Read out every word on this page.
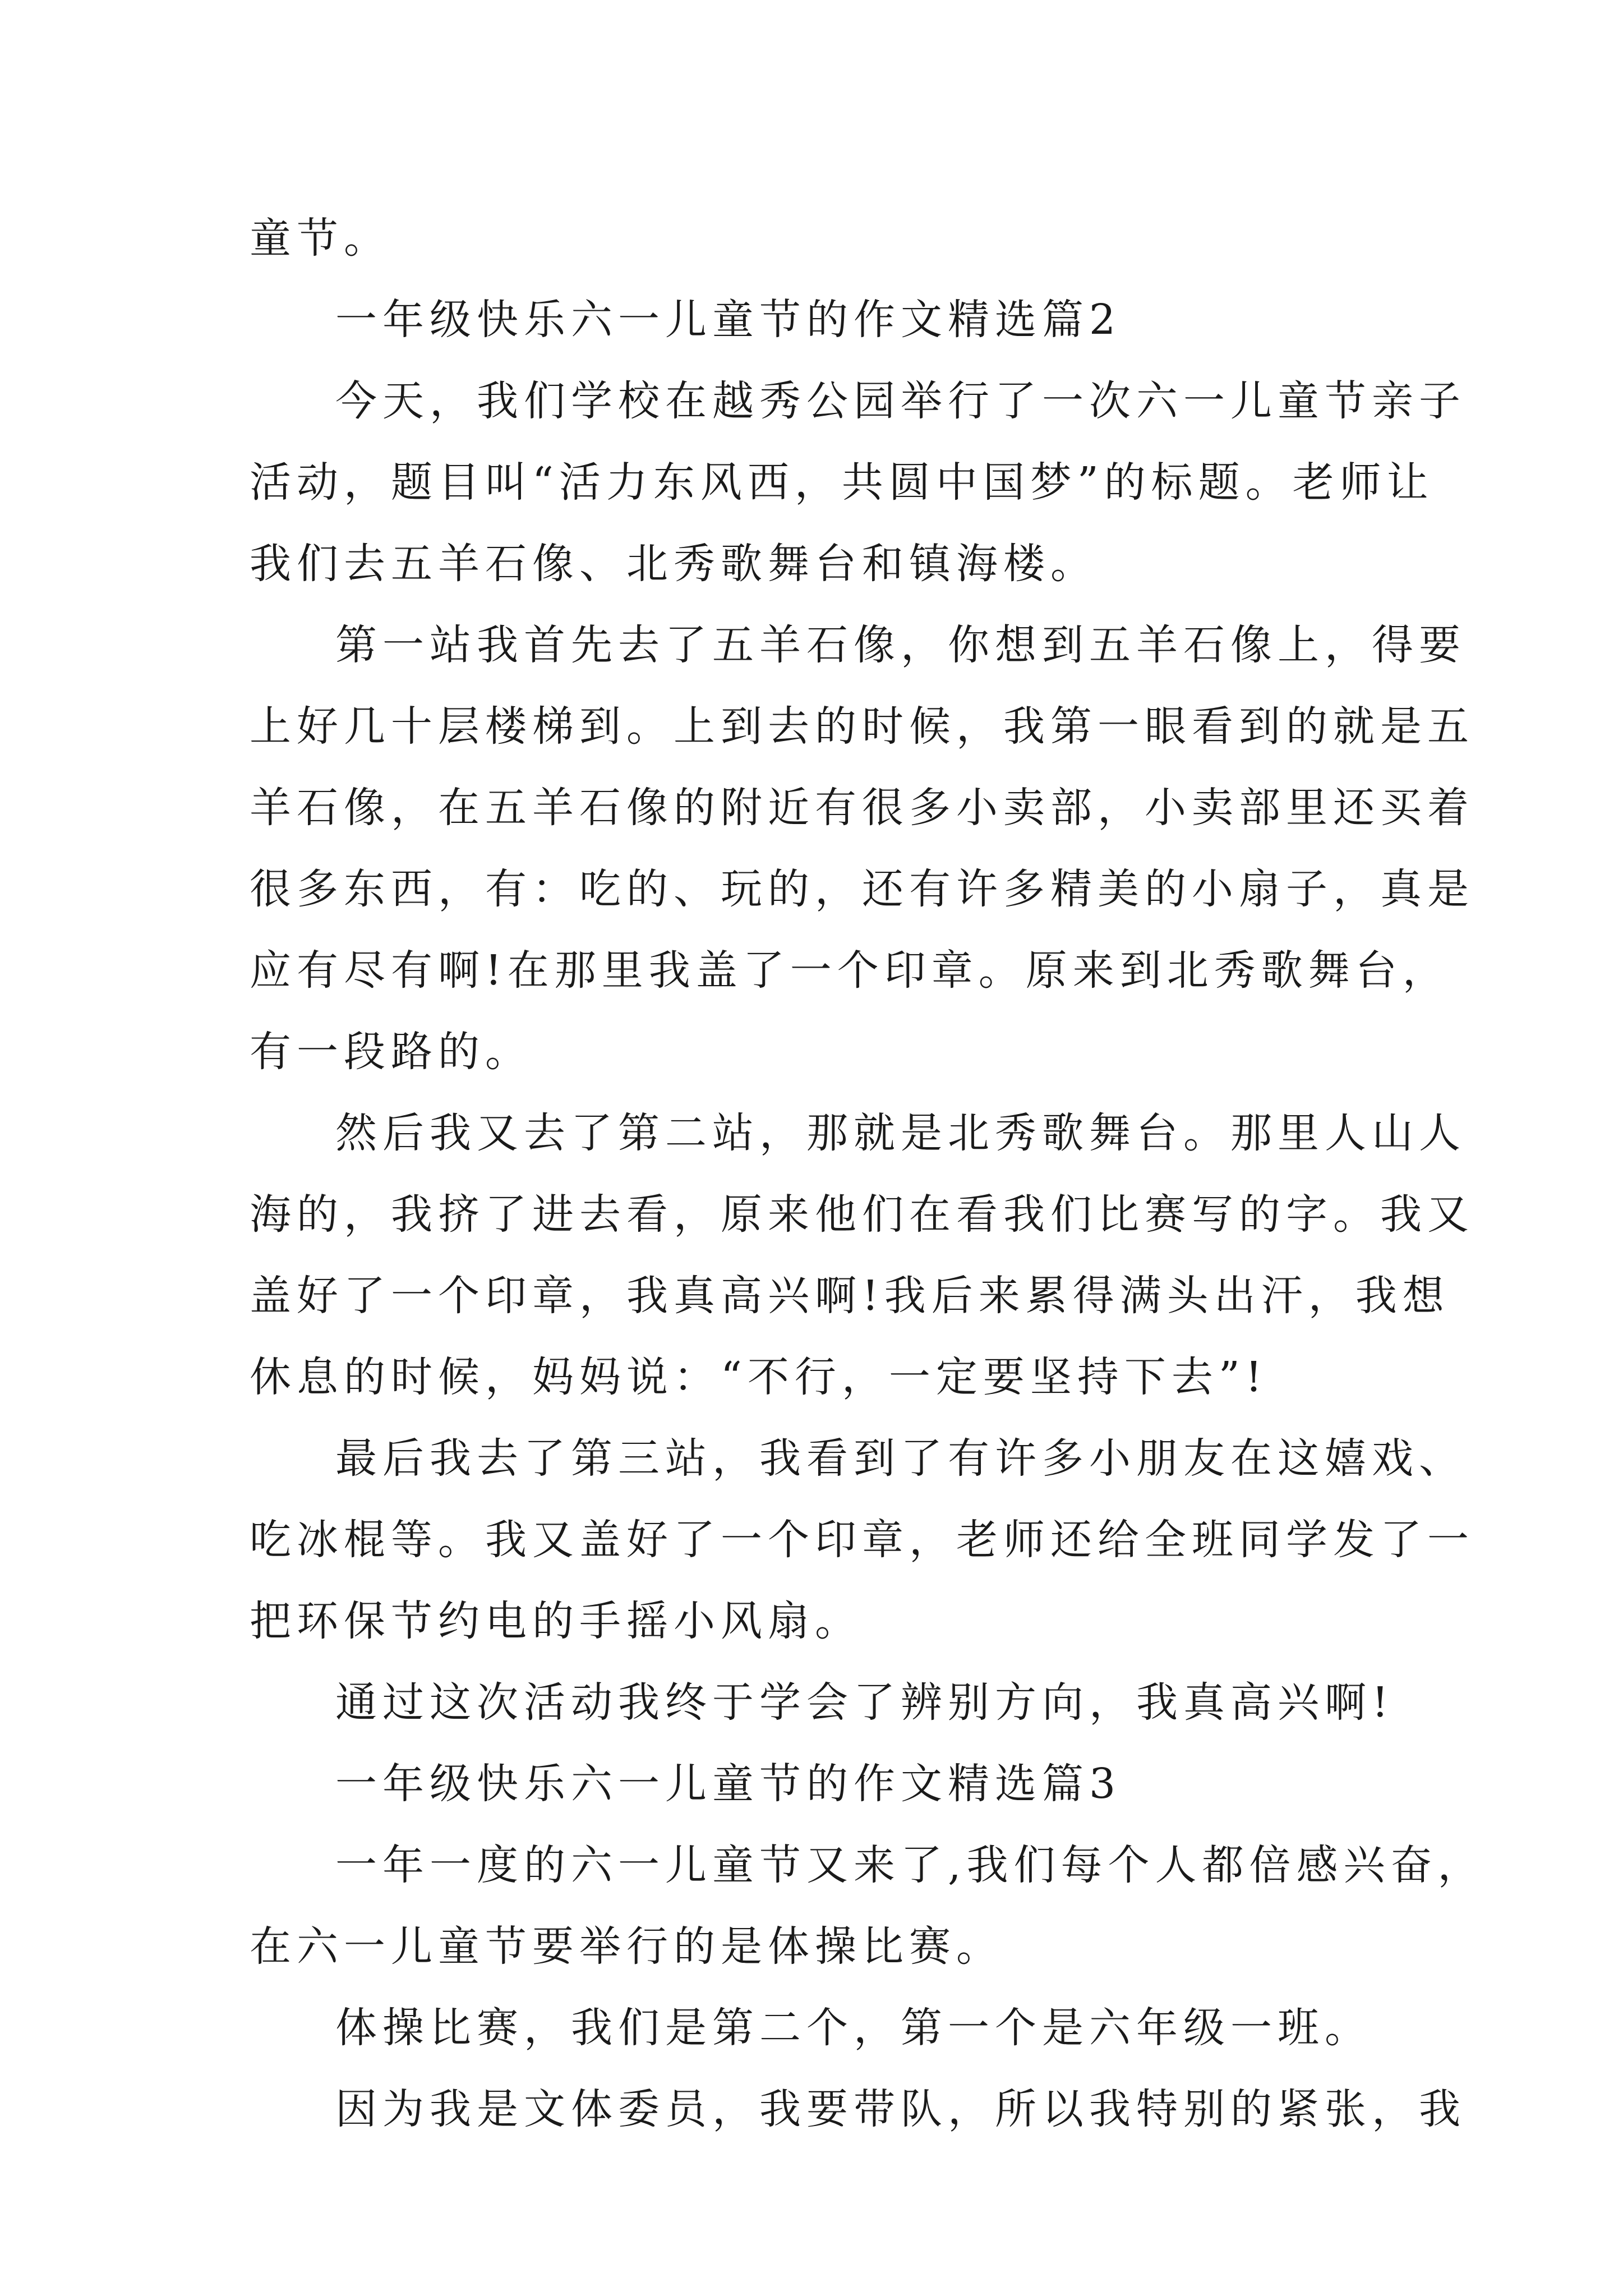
童节。
一年级快乐六一儿童节的作文精选篇2
今天，我们学校在越秀公园举行了一次六一儿童节亲子
活动，题目叫“活力东风西，共圆中国梦”的标题。老师让
我们去五羊石像、北秀歌舞台和镇海楼。
第一站我首先去了五羊石像，你想到五羊石像上，得要
上好几十层楼梯到。上到去的时候，我第一眼看到的就是五
羊石像，在五羊石像的附近有很多小卖部，小卖部里还买着
很多东西，有：吃的、玩的，还有许多精美的小扇子，真是
应有尽有啊!在那里我盖了一个印章。原来到北秀歌舞台，
有一段路的。
然后我又去了第二站，那就是北秀歌舞台。那里人山人
海的，我挤了进去看，原来他们在看我们比赛写的字。我又
盖好了一个印章，我真高兴啊!我后来累得满头出汗，我想
休息的时候，妈妈说：“不行，一定要坚持下去”!
最后我去了第三站，我看到了有许多小朋友在这嬉戏、
吃冰棍等。我又盖好了一个印章，老师还给全班同学发了一
把环保节约电的手摇小风扇。
通过这次活动我终于学会了辨别方向，我真高兴啊!
一年级快乐六一儿童节的作文精选篇3
一年一度的六一儿童节又来了,我们每个人都倍感兴奋，
在六一儿童节要举行的是体操比赛。
体操比赛，我们是第二个，第一个是六年级一班。
因为我是文体委员，我要带队，所以我特别的紧张，我
